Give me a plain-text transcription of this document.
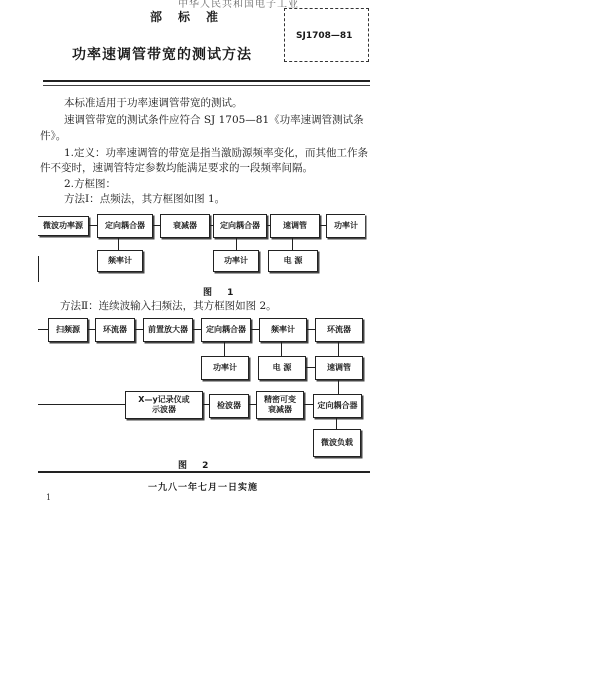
中华人民共和国电子工业
部标准
SJ1708—81
功率速调管带宽的测试方法
本标准适用于功率速调管带宽的测试。
速调管带宽的测试条件应符合 SJ 1705—81《功率速调管测试条
件》。
1.定义：功率速调管的带宽是指当激励源频率变化，而其他工作条
件不变时，速调管特定参数均能满足要求的一段频率间隔。
2.方框图：
方法Ⅰ：点频法，其方框图如图 1。
微波功率源	定向耦合器	衰减器	定向耦合器	速调管	功率计
频率计	功率计	电 源
图 1
方法Ⅱ：连续波输入扫频法，其方框图如图 2。
扫频源	环流器	前置放大器	定向耦合器	频率计	环流器
功率计	电 源	速调管
X—y记录仪或
示波器	检波器
精密可变
衰减器	定向耦合器
微波负载
图 2
一九八一年七月一日实施
1
